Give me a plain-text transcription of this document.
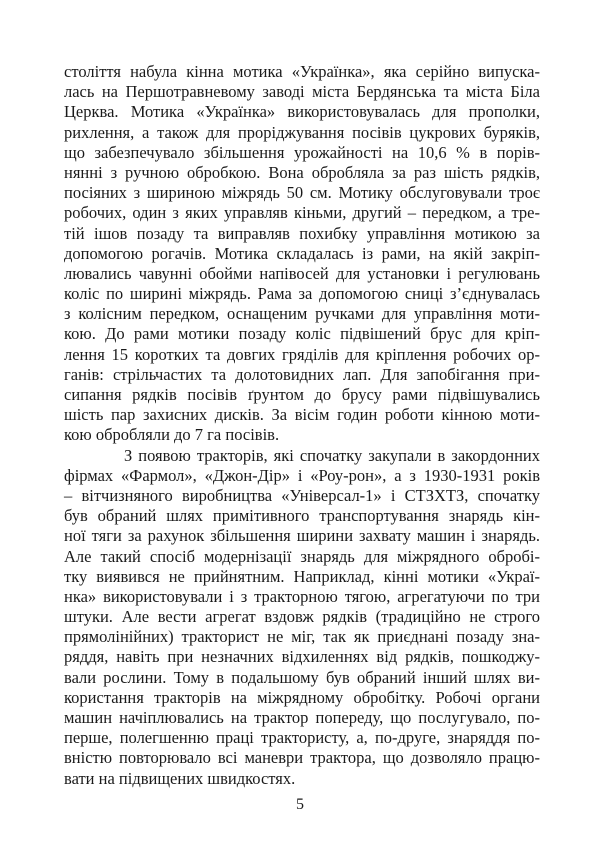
століття набула кінна мотика «Українка», яка серійно випуска-
лась на Першотравневому заводі міста Бердянська та міста Біла
Церква. Мотика «Українка» використовувалась для прополки,
рихлення, а також для проріджування посівів цукрових буряків,
що забезпечувало збільшення урожайності на 10,6 % в порів-
нянні з ручною обробкою. Вона обробляла за раз шість рядків,
посіяних з шириною міжрядь 50 см. Мотику обслуговували троє
робочих, один з яких управляв кіньми, другий – передком, а тре-
тій ішов позаду та виправляв похибку управління мотикою за
допомогою рогачів. Мотика складалась із рами, на якій закріп-
лювались чавунні обойми напівосей для установки і регулювань
коліс по ширині міжрядь. Рама за допомогою сниці з’єднувалась
з колісним передком, оснащеним ручками для управління моти-
кою. До рами мотики позаду коліс підвішений брус для кріп-
лення 15 коротких та довгих гряділів для кріплення робочих ор-
ганів: стрільчастих та долотовидних лап. Для запобігання при-
сипання рядків посівів ґрунтом до брусу рами підвішувались
шість пар захисних дисків. За вісім годин роботи кінною моти-
кою обробляли до 7 га посівів.
З появою тракторів, які спочатку закупали в закордонних
фірмах «Фармол», «Джон-Дір» і «Роу-рон», а з 1930-1931 років
– вітчизняного виробництва «Універсал-1» і СТЗХТЗ, спочатку
був обраний шлях примітивного транспортування знарядь кін-
ної тяги за рахунок збільшення ширини захвату машин і знарядь.
Але такий спосіб модернізації знарядь для міжрядного обробі-
тку виявився не прийнятним. Наприклад, кінні мотики «Украї-
нка» використовували і з тракторною тягою, агрегатуючи по три
штуки. Але вести агрегат вздовж рядків (традиційно не строго
прямолінійних) тракторист не міг, так як приєднані позаду зна-
ряддя, навіть при незначних відхиленнях від рядків, пошкоджу-
вали рослини. Тому в подальшому був обраний інший шлях ви-
користання тракторів на міжрядному обробітку. Робочі органи
машин начіплювались на трактор попереду, що послугувало, по-
перше, полегшенню праці трактористу, а, по-друге, знаряддя по-
вністю повторювало всі маневри трактора, що дозволяло працю-
вати на підвищених швидкостях.
5
